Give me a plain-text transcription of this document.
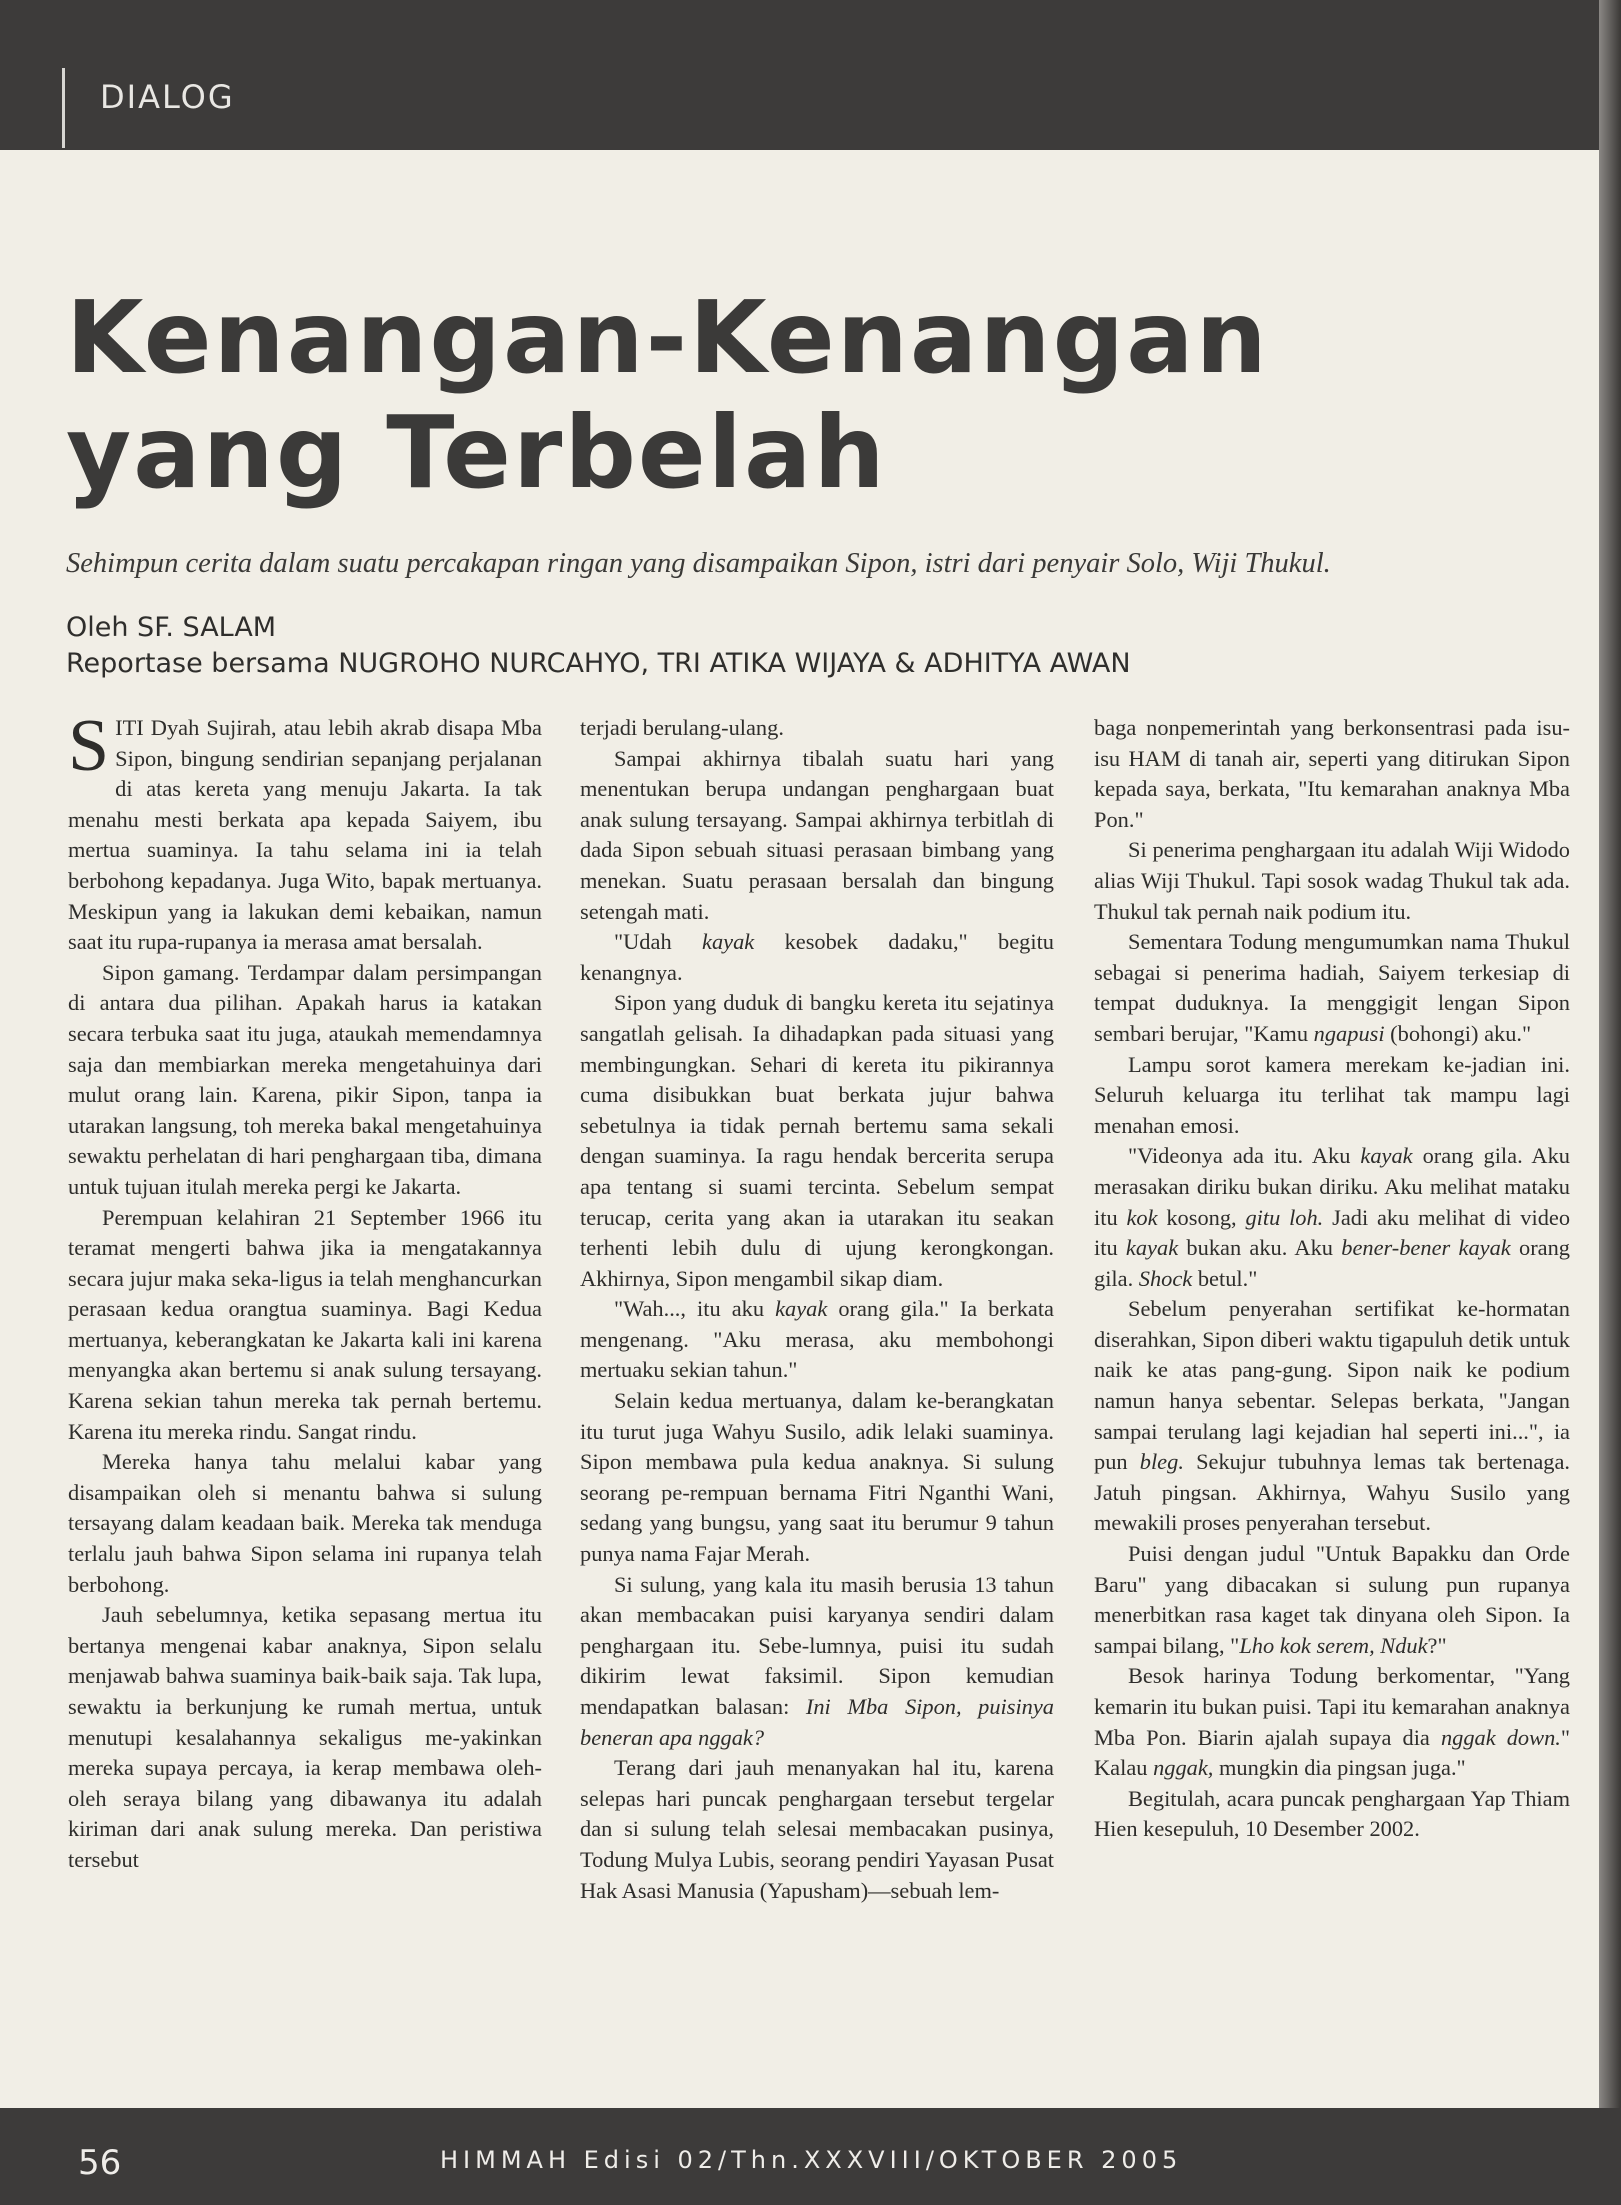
DIALOG
Kenangan-Kenangan
yang Terbelah

Sehimpun cerita dalam suatu percakapan ringan yang disampaikan Sipon, istri dari penyair Solo, Wiji Thukul.

Oleh SF. SALAM
Reportase bersama NUGROHO NURCAHYO, TRI ATIKA WIJAYA & ADHITYA AWAN

SITI Dyah Sujirah, atau lebih akrab disapa Mba Sipon, bingung sendirian sepanjang perjalanan di atas kereta yang menuju Jakarta. Ia tak menahu mesti berkata apa kepada Saiyem, ibu mertua suaminya. Ia tahu selama ini ia telah berbohong kepadanya. Juga Wito, bapak mertuanya. Meskipun yang ia lakukan demi kebaikan, namun saat itu rupa-rupanya ia merasa amat bersalah.

Sipon gamang. Terdampar dalam persimpangan di antara dua pilihan. Apakah harus ia katakan secara terbuka saat itu juga, ataukah memendamnya saja dan membiarkan mereka mengetahuinya dari mulut orang lain. Karena, pikir Sipon, tanpa ia utarakan langsung, toh mereka bakal mengetahuinya sewaktu perhelatan di hari penghargaan tiba, dimana untuk tujuan itulah mereka pergi ke Jakarta.

Perempuan kelahiran 21 September 1966 itu teramat mengerti bahwa jika ia mengatakannya secara jujur maka seka-ligus ia telah menghancurkan perasaan kedua orangtua suaminya. Bagi Kedua mertuanya, keberangkatan ke Jakarta kali ini karena menyangka akan bertemu si anak sulung tersayang. Karena sekian tahun mereka tak pernah bertemu. Karena itu mereka rindu. Sangat rindu.

Mereka hanya tahu melalui kabar yang disampaikan oleh si menantu bahwa si sulung tersayang dalam keadaan baik. Mereka tak menduga terlalu jauh bahwa Sipon selama ini rupanya telah berbohong.

Jauh sebelumnya, ketika sepasang mertua itu bertanya mengenai kabar anaknya, Sipon selalu menjawab bahwa suaminya baik-baik saja. Tak lupa, sewaktu ia berkunjung ke rumah mertua, untuk menutupi kesalahannya sekaligus me-yakinkan mereka supaya percaya, ia kerap membawa oleh-oleh seraya bilang yang dibawanya itu adalah kiriman dari anak sulung mereka. Dan peristiwa tersebut

terjadi berulang-ulang.

Sampai akhirnya tibalah suatu hari yang menentukan berupa undangan penghargaan buat anak sulung tersayang. Sampai akhirnya terbitlah di dada Sipon sebuah situasi perasaan bimbang yang menekan. Suatu perasaan bersalah dan bingung setengah mati.

"Udah kayak kesobek dadaku," begitu kenangnya.

Sipon yang duduk di bangku kereta itu sejatinya sangatlah gelisah. Ia dihadapkan pada situasi yang membingungkan. Sehari di kereta itu pikirannya cuma disibukkan buat berkata jujur bahwa sebetulnya ia tidak pernah bertemu sama sekali dengan suaminya. Ia ragu hendak bercerita serupa apa tentang si suami tercinta. Sebelum sempat terucap, cerita yang akan ia utarakan itu seakan terhenti lebih dulu di ujung kerongkongan. Akhirnya, Sipon mengambil sikap diam.

"Wah..., itu aku kayak orang gila." Ia berkata mengenang. "Aku merasa, aku membohongi mertuaku sekian tahun."

Selain kedua mertuanya, dalam ke-berangkatan itu turut juga Wahyu Susilo, adik lelaki suaminya. Sipon membawa pula kedua anaknya. Si sulung seorang pe-rempuan bernama Fitri Nganthi Wani, sedang yang bungsu, yang saat itu berumur 9 tahun punya nama Fajar Merah.

Si sulung, yang kala itu masih berusia 13 tahun akan membacakan puisi karyanya sendiri dalam penghargaan itu. Sebe-lumnya, puisi itu sudah dikirim lewat faksimil. Sipon kemudian mendapatkan balasan: Ini Mba Sipon, puisinya beneran apa nggak?

Terang dari jauh menanyakan hal itu, karena selepas hari puncak penghargaan tersebut tergelar dan si sulung telah selesai membacakan pusinya, Todung Mulya Lubis, seorang pendiri Yayasan Pusat Hak Asasi Manusia (Yapusham)—sebuah lem-

baga nonpemerintah yang berkonsentrasi pada isu-isu HAM di tanah air, seperti yang ditirukan Sipon kepada saya, berkata, "Itu kemarahan anaknya Mba Pon."

Si penerima penghargaan itu adalah Wiji Widodo alias Wiji Thukul. Tapi sosok wadag Thukul tak ada. Thukul tak pernah naik podium itu.

Sementara Todung mengumumkan nama Thukul sebagai si penerima hadiah, Saiyem terkesiap di tempat duduknya. Ia menggigit lengan Sipon sembari berujar, "Kamu ngapusi (bohongi) aku."

Lampu sorot kamera merekam ke-jadian ini. Seluruh keluarga itu terlihat tak mampu lagi menahan emosi.

"Videonya ada itu. Aku kayak orang gila. Aku merasakan diriku bukan diriku. Aku melihat mataku itu kok kosong, gitu loh. Jadi aku melihat di video itu kayak bukan aku. Aku bener-bener kayak orang gila. Shock betul."

Sebelum penyerahan sertifikat ke-hormatan diserahkan, Sipon diberi waktu tigapuluh detik untuk naik ke atas pang-gung. Sipon naik ke podium namun hanya sebentar. Selepas berkata, "Jangan sampai terulang lagi kejadian hal seperti ini...", ia pun bleg. Sekujur tubuhnya lemas tak bertenaga. Jatuh pingsan. Akhirnya, Wahyu Susilo yang mewakili proses penyerahan tersebut.

Puisi dengan judul "Untuk Bapakku dan Orde Baru" yang dibacakan si sulung pun rupanya menerbitkan rasa kaget tak dinyana oleh Sipon. Ia sampai bilang, "Lho kok serem, Nduk?"

Besok harinya Todung berkomentar, "Yang kemarin itu bukan puisi. Tapi itu kemarahan anaknya Mba Pon. Biarin ajalah supaya dia nggak down." Kalau nggak, mungkin dia pingsan juga."

Begitulah, acara puncak penghargaan Yap Thiam Hien kesepuluh, 10 Desember 2002.

56	HIMMAH Edisi 02/Thn.XXXVIII/OKTOBER 2005
